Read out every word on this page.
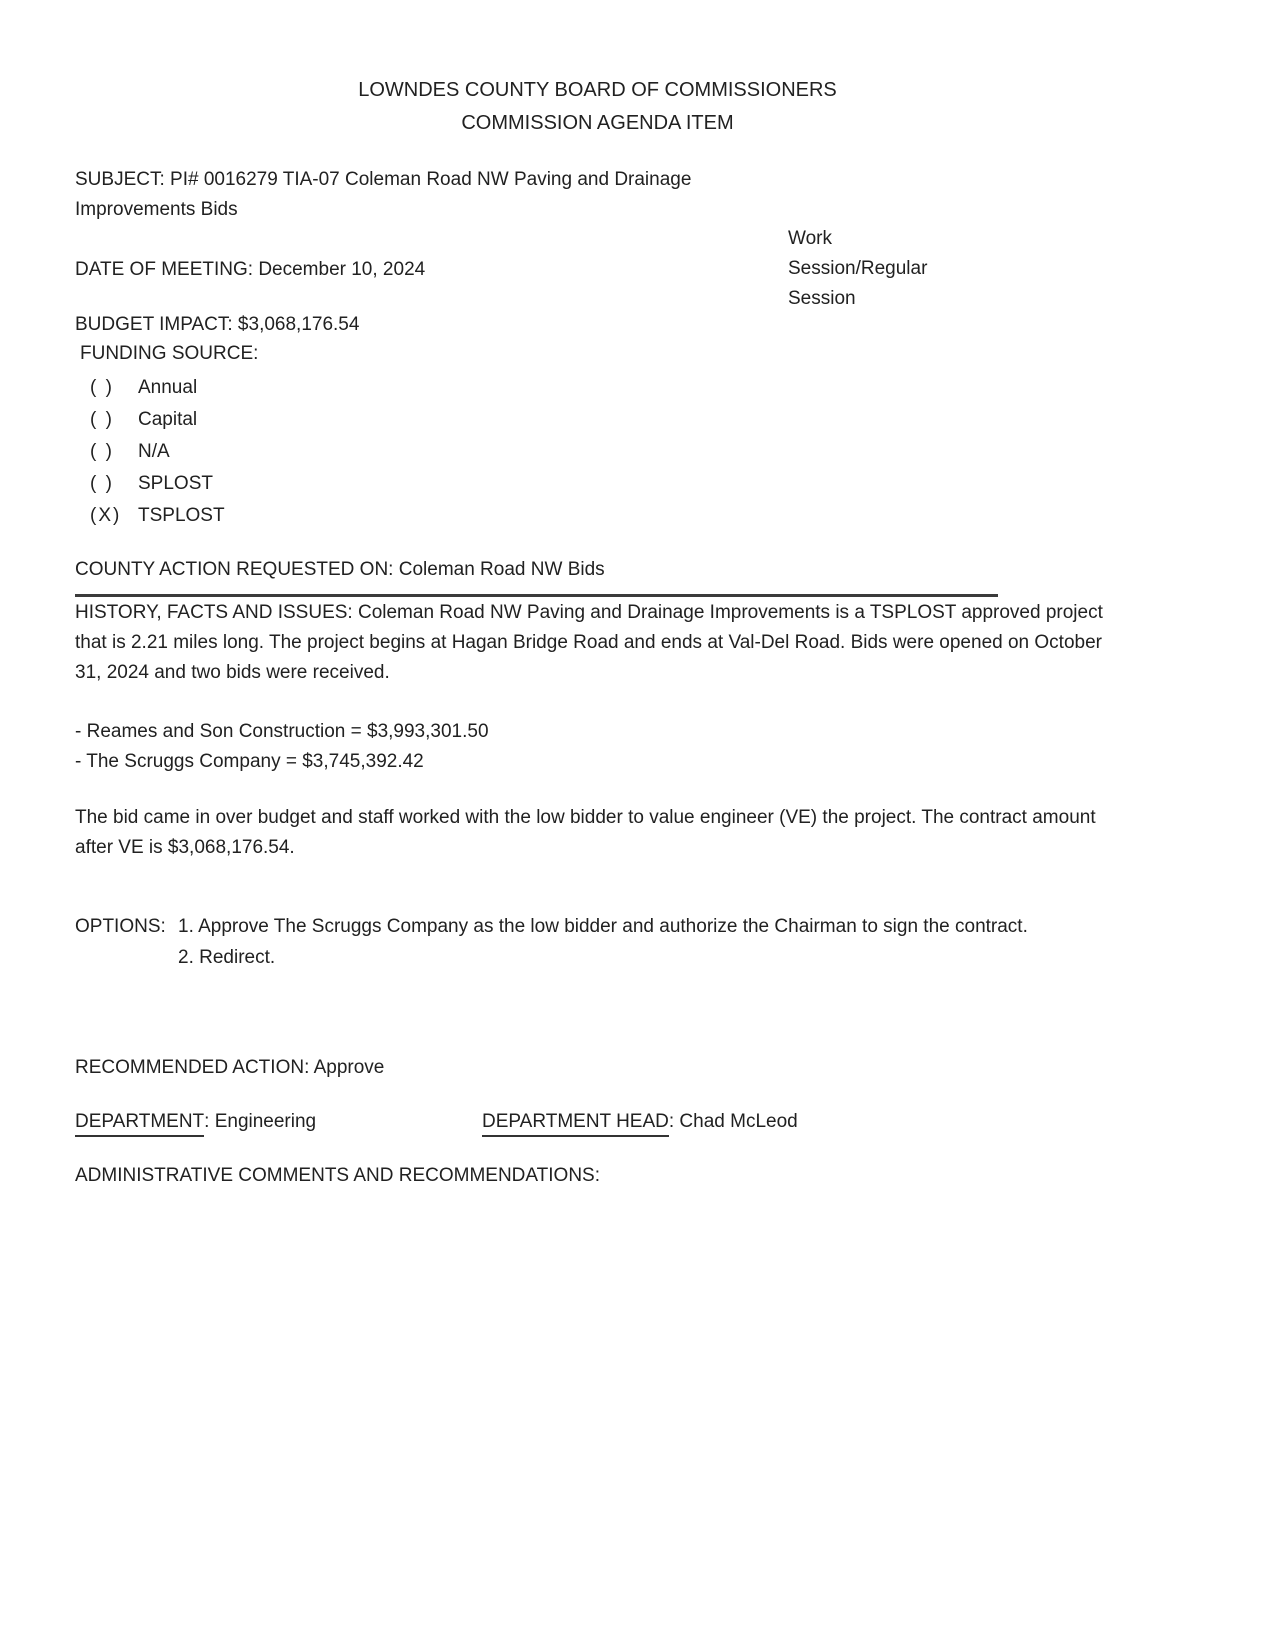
LOWNDES COUNTY BOARD OF COMMISSIONERS
COMMISSION AGENDA ITEM
SUBJECT: PI# 0016279 TIA-07 Coleman Road NW Paving and Drainage Improvements Bids
Work Session/Regular Session
DATE OF MEETING: December 10, 2024
BUDGET IMPACT: $3,068,176.54
FUNDING SOURCE:
( )	Annual
( )	Capital
( )	N/A
( )	SPLOST
(X) TSPLOST
COUNTY ACTION REQUESTED ON: Coleman Road NW Bids
HISTORY, FACTS AND ISSUES: Coleman Road NW Paving and Drainage Improvements is a TSPLOST approved project that is 2.21 miles long. The project begins at Hagan Bridge Road and ends at Val-Del Road. Bids were opened on October 31, 2024 and two bids were received.
- Reames and Son Construction = $3,993,301.50
- The Scruggs Company = $3,745,392.42
The bid came in over budget and staff worked with the low bidder to value engineer (VE) the project. The contract amount after VE is $3,068,176.54.
OPTIONS: 1. Approve The Scruggs Company as the low bidder and authorize the Chairman to sign the contract.
2. Redirect.
RECOMMENDED ACTION: Approve
DEPARTMENT: Engineering	DEPARTMENT HEAD: Chad McLeod
ADMINISTRATIVE COMMENTS AND RECOMMENDATIONS:
